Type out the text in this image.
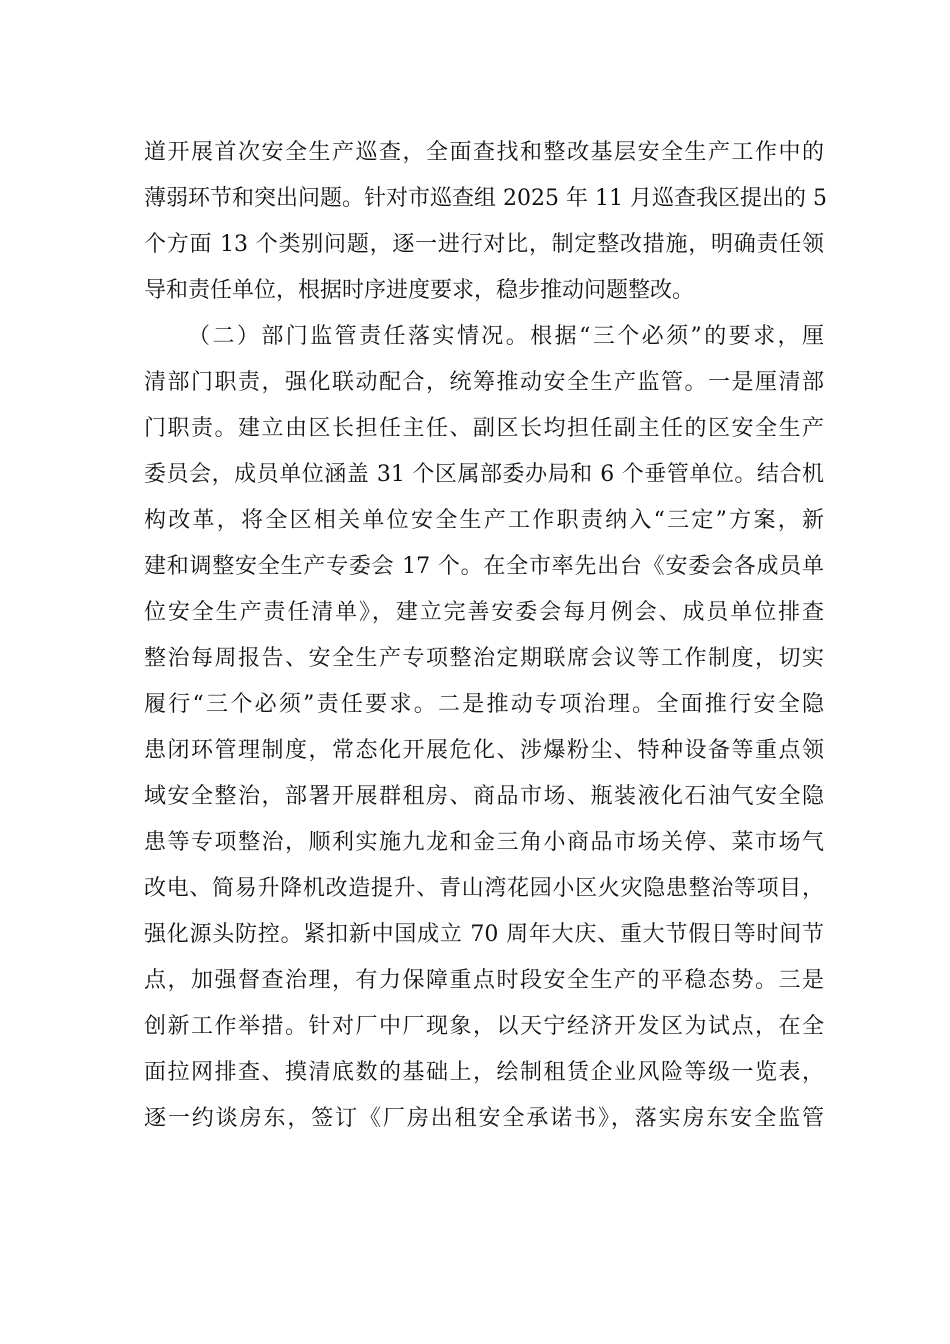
道开展首次安全生产巡查，全面查找和整改基层安全生产工作中的
薄弱环节和突出问题。针对市巡查组 2025 年 11 月巡查我区提出的 5
个方面 13 个类别问题，逐一进行对比，制定整改措施，明确责任领
导和责任单位，根据时序进度要求，稳步推动问题整改。
（二）部门监管责任落实情况。根据“三个必须”的要求，厘
清部门职责，强化联动配合，统筹推动安全生产监管。一是厘清部
门职责。建立由区长担任主任、副区长均担任副主任的区安全生产
委员会，成员单位涵盖 31 个区属部委办局和 6 个垂管单位。结合机
构改革，将全区相关单位安全生产工作职责纳入“三定”方案，新
建和调整安全生产专委会 17 个。在全市率先出台《安委会各成员单
位安全生产责任清单》，建立完善安委会每月例会、成员单位排查
整治每周报告、安全生产专项整治定期联席会议等工作制度，切实
履行“三个必须”责任要求。二是推动专项治理。全面推行安全隐
患闭环管理制度，常态化开展危化、涉爆粉尘、特种设备等重点领
域安全整治，部署开展群租房、商品市场、瓶装液化石油气安全隐
患等专项整治，顺利实施九龙和金三角小商品市场关停、菜市场气
改电、简易升降机改造提升、青山湾花园小区火灾隐患整治等项目，
强化源头防控。紧扣新中国成立 70 周年大庆、重大节假日等时间节
点，加强督查治理，有力保障重点时段安全生产的平稳态势。三是
创新工作举措。针对厂中厂现象，以天宁经济开发区为试点，在全
面拉网排查、摸清底数的基础上，绘制租赁企业风险等级一览表，
逐一约谈房东，签订《厂房出租安全承诺书》，落实房东安全监管
